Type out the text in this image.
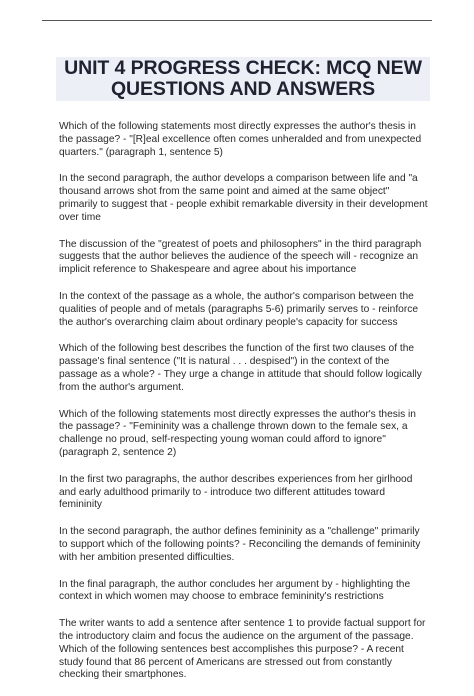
UNIT 4 PROGRESS CHECK: MCQ NEW
QUESTIONS AND ANSWERS

Which of the following statements most directly expresses the author's thesis in the passage? - "[R]eal excellence often comes unheralded and from unexpected quarters." (paragraph 1, sentence 5)

In the second paragraph, the author develops a comparison between life and "a thousand arrows shot from the same point and aimed at the same object" primarily to suggest that - people exhibit remarkable diversity in their development over time

The discussion of the "greatest of poets and philosophers" in the third paragraph suggests that the author believes the audience of the speech will - recognize an implicit reference to Shakespeare and agree about his importance

In the context of the passage as a whole, the author's comparison between the qualities of people and of metals (paragraphs 5-6) primarily serves to - reinforce the author's overarching claim about ordinary people's capacity for success

Which of the following best describes the function of the first two clauses of the passage's final sentence ("It is natural . . . despised") in the context of the passage as a whole? - They urge a change in attitude that should follow logically from the author's argument.

Which of the following statements most directly expresses the author's thesis in the passage? - "Femininity was a challenge thrown down to the female sex, a challenge no proud, self-respecting young woman could afford to ignore" (paragraph 2, sentence 2)

In the first two paragraphs, the author describes experiences from her girlhood and early adulthood primarily to - introduce two different attitudes toward femininity

In the second paragraph, the author defines femininity as a "challenge" primarily to support which of the following points? - Reconciling the demands of femininity with her ambition presented difficulties.

In the final paragraph, the author concludes her argument by - highlighting the context in which women may choose to embrace femininity's restrictions

The writer wants to add a sentence after sentence 1 to provide factual support for the introductory claim and focus the audience on the argument of the passage. Which of the following sentences best accomplishes this purpose? - A recent study found that 86 percent of Americans are stressed out from constantly checking their smartphones.
